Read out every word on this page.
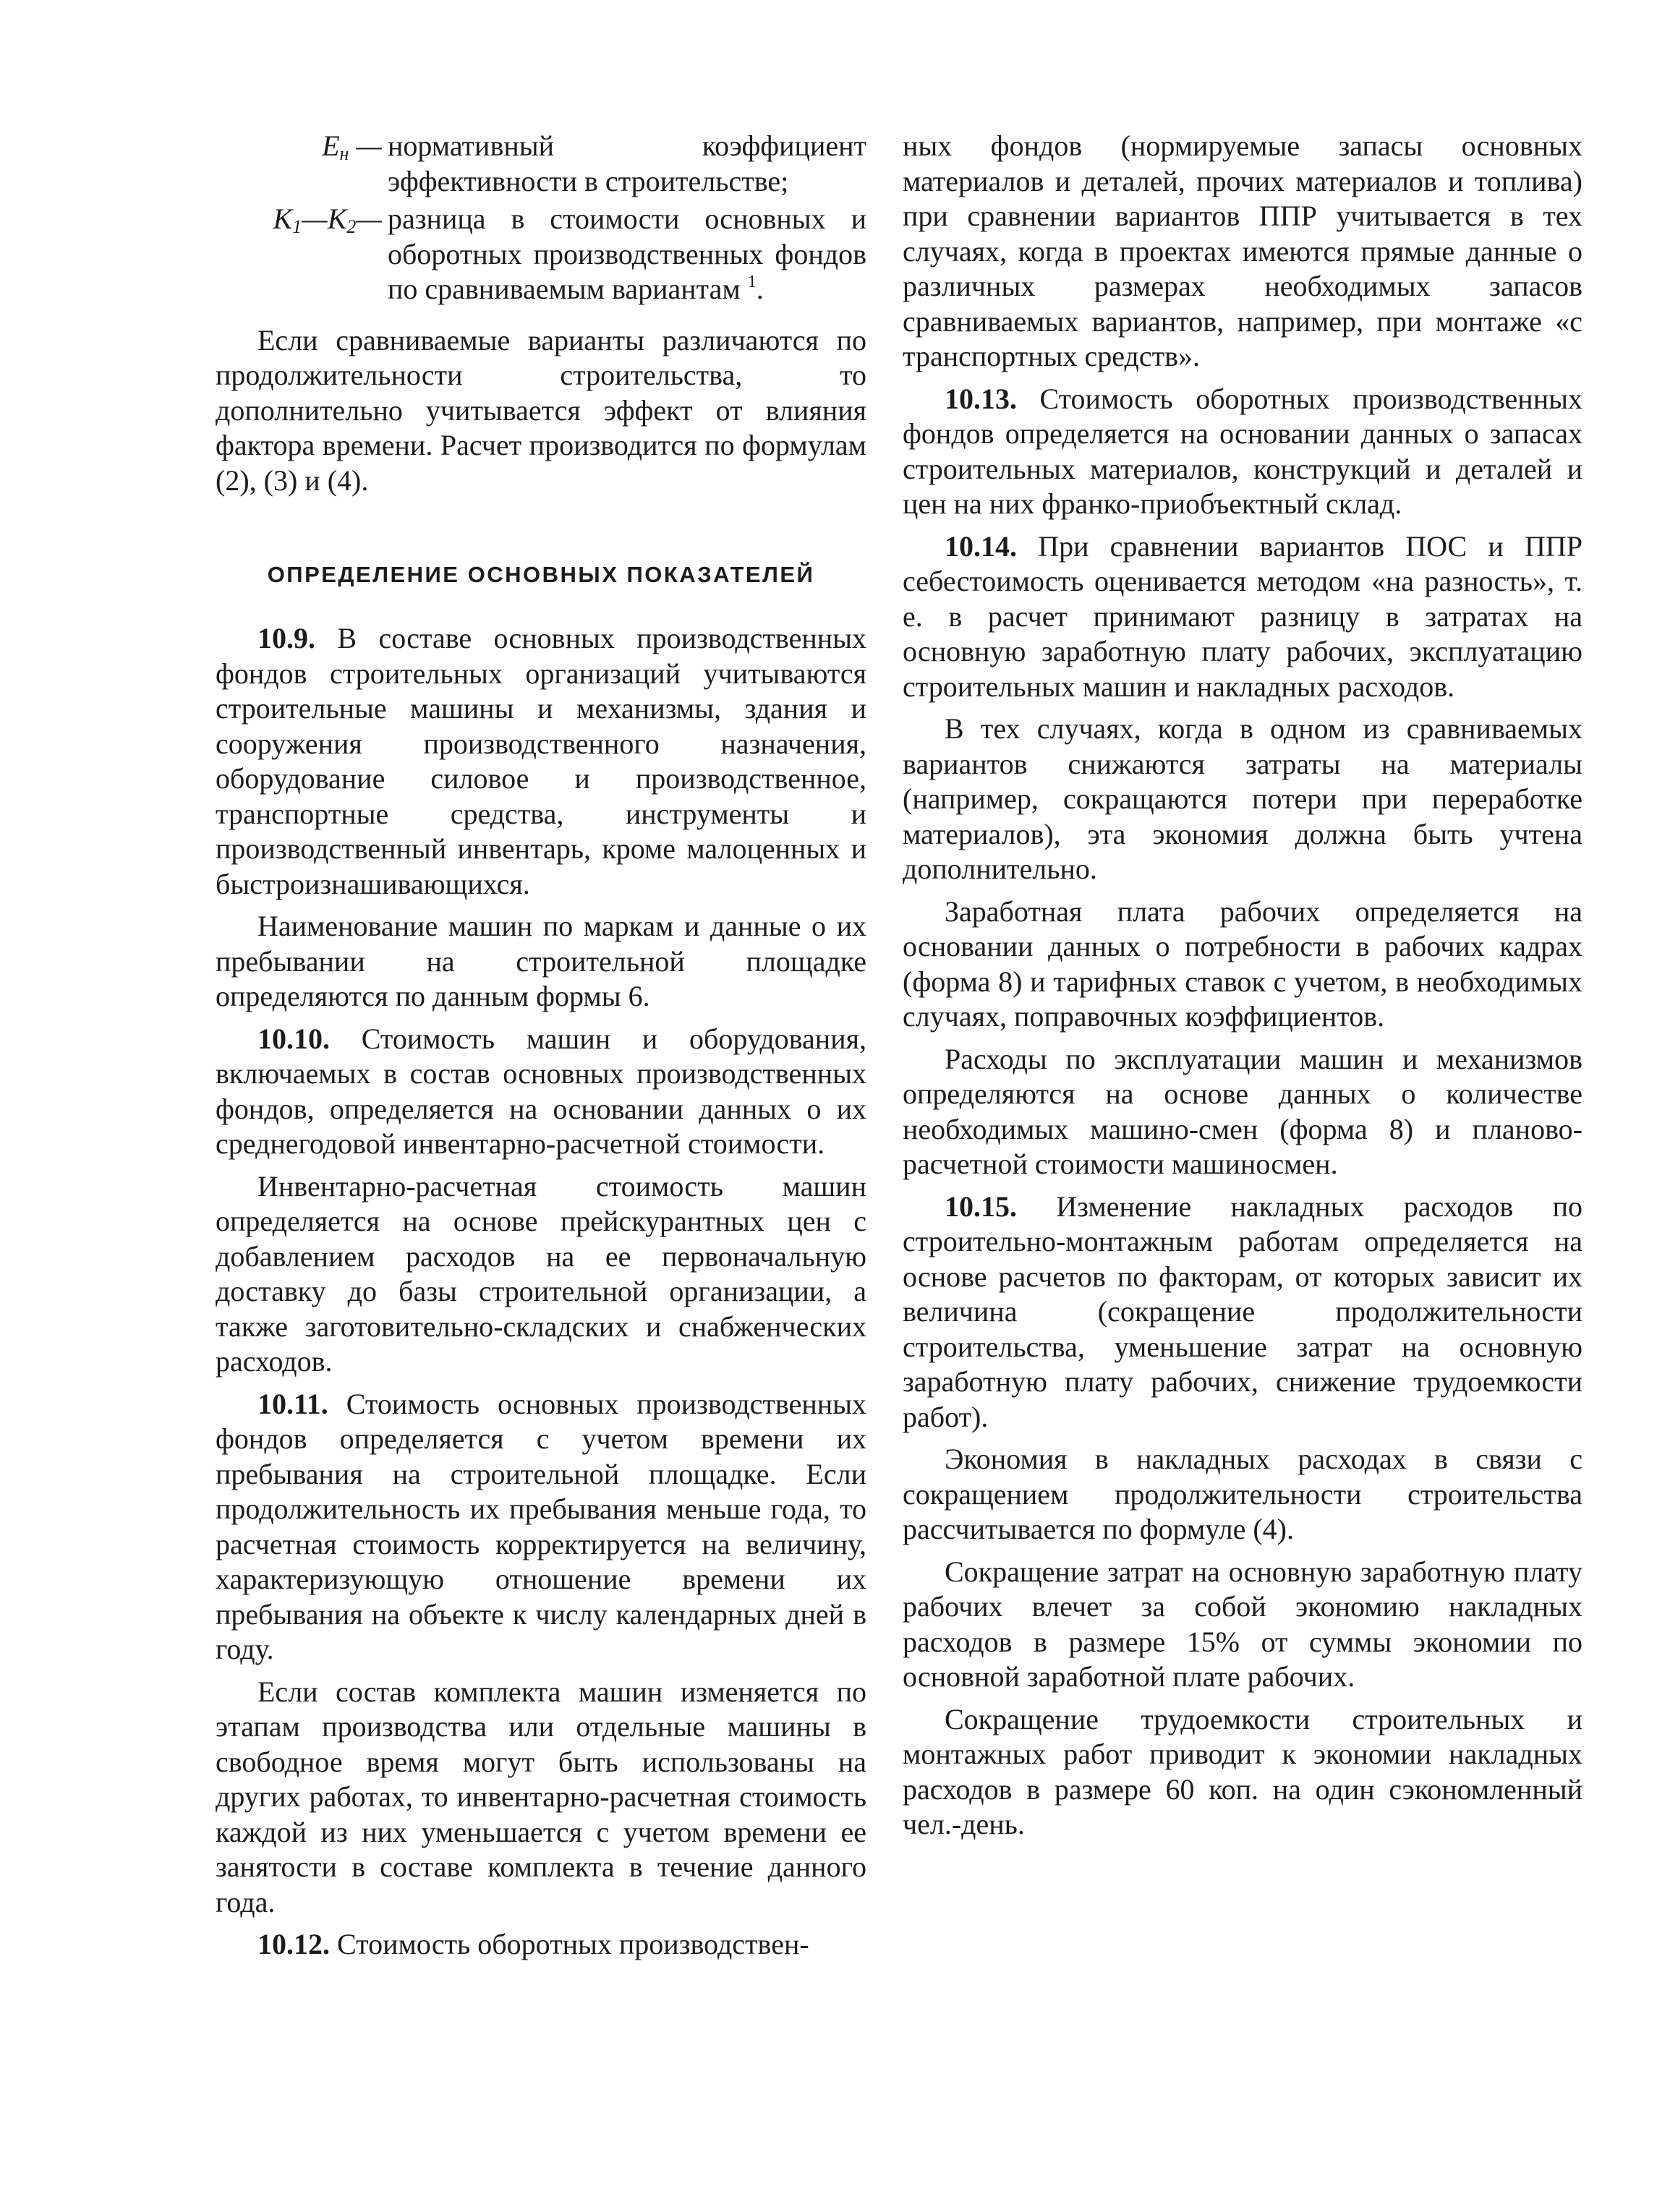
$E_н$ — нормативный коэффициент эффективности в строительстве;
$K_1—K_2—$ разница в стоимости основных и оборотных производственных фондов по сравниваемым вариантам $^1$.

Если сравниваемые варианты различаются по продолжительности строительства, то дополнительно учитывается эффект от влияния фактора времени. Расчет производится по формулам (2), (3) и (4).

ОПРЕДЕЛЕНИЕ ОСНОВНЫХ ПОКАЗАТЕЛЕЙ

10.9. В составе основных производственных фондов строительных организаций учитываются строительные машины и механизмы, здания и сооружения производственного назначения, оборудование силовое и производственное, транспортные средства, инструменты и производственный инвентарь, кроме малоценных и быстроизнашивающихся.

Наименование машин по маркам и данные о их пребывании на строительной площадке определяются по данным формы 6.

10.10. Стоимость машин и оборудования, включаемых в состав основных производственных фондов, определяется на основании данных о их среднегодовой инвентарно-расчетной стоимости.

Инвентарно-расчетная стоимость машин определяется на основе прейскурантных цен с добавлением расходов на ее первоначальную доставку до базы строительной организации, а также заготовительно-складских и снабженческих расходов.

10.11. Стоимость основных производственных фондов определяется с учетом времени их пребывания на строительной площадке. Если продолжительность их пребывания меньше года, то расчетная стоимость корректируется на величину, характеризующую отношение времени их пребывания на объекте к числу календарных дней в году.

Если состав комплекта машин изменяется по этапам производства или отдельные машины в свободное время могут быть использованы на других работах, то инвентарно-расчетная стоимость каждой из них уменьшается с учетом времени ее занятости в составе комплекта в течение данного года.

10.12. Стоимость оборотных производствен-

ных фондов (нормируемые запасы основных материалов и деталей, прочих материалов и топлива) при сравнении вариантов ППР учитывается в тех случаях, когда в проектах имеются прямые данные о различных размерах необходимых запасов сравниваемых вариантов, например, при монтаже «с транспортных средств».

10.13. Стоимость оборотных производственных фондов определяется на основании данных о запасах строительных материалов, конструкций и деталей и цен на них франко-приобъектный склад.

10.14. При сравнении вариантов ПОС и ППР себестоимость оценивается методом «на разность», т. е. в расчет принимают разницу в затратах на основную заработную плату рабочих, эксплуатацию строительных машин и накладных расходов.

В тех случаях, когда в одном из сравниваемых вариантов снижаются затраты на материалы (например, сокращаются потери при переработке материалов), эта экономия должна быть учтена дополнительно.

Заработная плата рабочих определяется на основании данных о потребности в рабочих кадрах (форма 8) и тарифных ставок с учетом, в необходимых случаях, поправочных коэффициентов.

Расходы по эксплуатации машин и механизмов определяются на основе данных о количестве необходимых машино-смен (форма 8) и планово-расчетной стоимости машиносмен.

10.15. Изменение накладных расходов по строительно-монтажным работам определяется на основе расчетов по факторам, от которых зависит их величина (сокращение продолжительности строительства, уменьшение затрат на основную заработную плату рабочих, снижение трудоемкости работ).

Экономия в накладных расходах в связи с сокращением продолжительности строительства рассчитывается по формуле (4).

Сокращение затрат на основную заработную плату рабочих влечет за собой экономию накладных расходов в размере 15% от суммы экономии по основной заработной плате рабочих.

Сокращение трудоемкости строительных и монтажных работ приводит к экономии накладных расходов в размере 60 коп. на один сэкономленный чел.-день.
